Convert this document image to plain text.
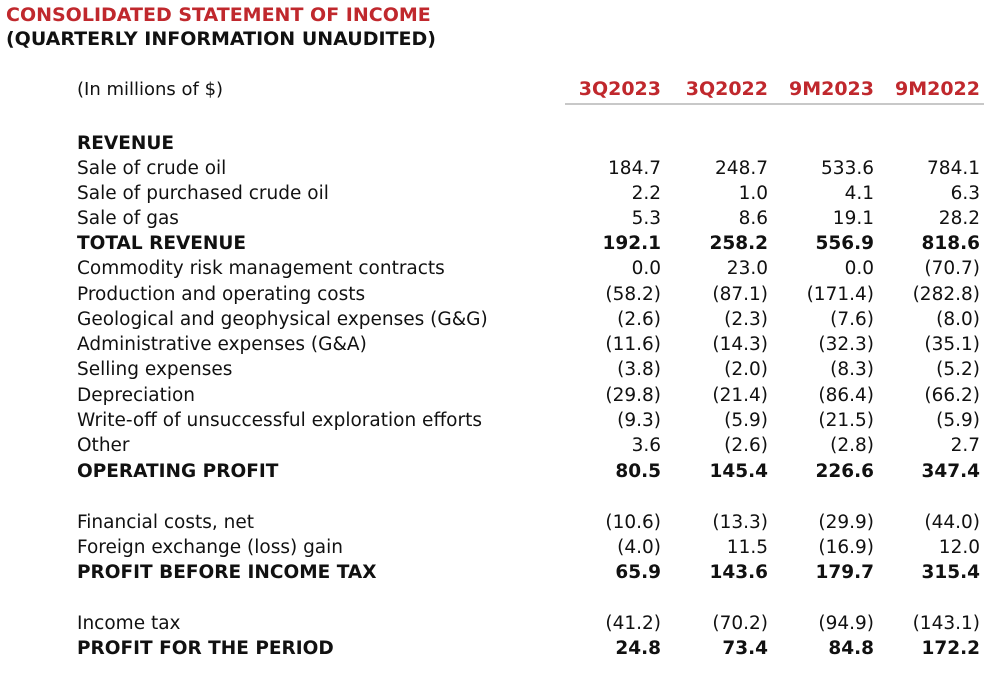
CONSOLIDATED STATEMENT OF INCOME
(QUARTERLY INFORMATION UNAUDITED)
(In millions of $)	3Q2023 3Q2022 9M2023 9M2022
REVENUE
Sale of crude oil	184.7	248.7	533.6	784.1
Sale of purchased crude oil	2.2	1.0	4.1	6.3
Sale of gas	5.3	8.6	19.1	28.2
TOTAL REVENUE	192.1	258.2	556.9	818.6
Commodity risk management contracts	0.0	23.0	0.0	(70.7)
Production and operating costs	(58.2)	(87.1) (171.4) (282.8)
Geological and geophysical expenses (G&G)	(2.6)	(2.3)	(7.6)	(8.0)
Administrative expenses (G&A)	(11.6)	(14.3)	(32.3)	(35.1)
Selling expenses	(3.8)	(2.0)	(8.3)	(5.2)
Depreciation	(29.8)	(21.4)	(86.4)	(66.2)
Write-off of unsuccessful exploration efforts	(9.3)	(5.9)	(21.5)	(5.9)
Other	3.6	(2.6)	(2.8)	2.7
OPERATING PROFIT	80.5	145.4	226.6	347.4
Financial costs, net	(10.6)	(13.3)	(29.9)	(44.0)
Foreign exchange (loss) gain	(4.0)	11.5	(16.9)	12.0
PROFIT BEFORE INCOME TAX	65.9	143.6	179.7	315.4
Income tax	(41.2)	(70.2)	(94.9) (143.1)
PROFIT FOR THE PERIOD	24.8	73.4	84.8	172.2
